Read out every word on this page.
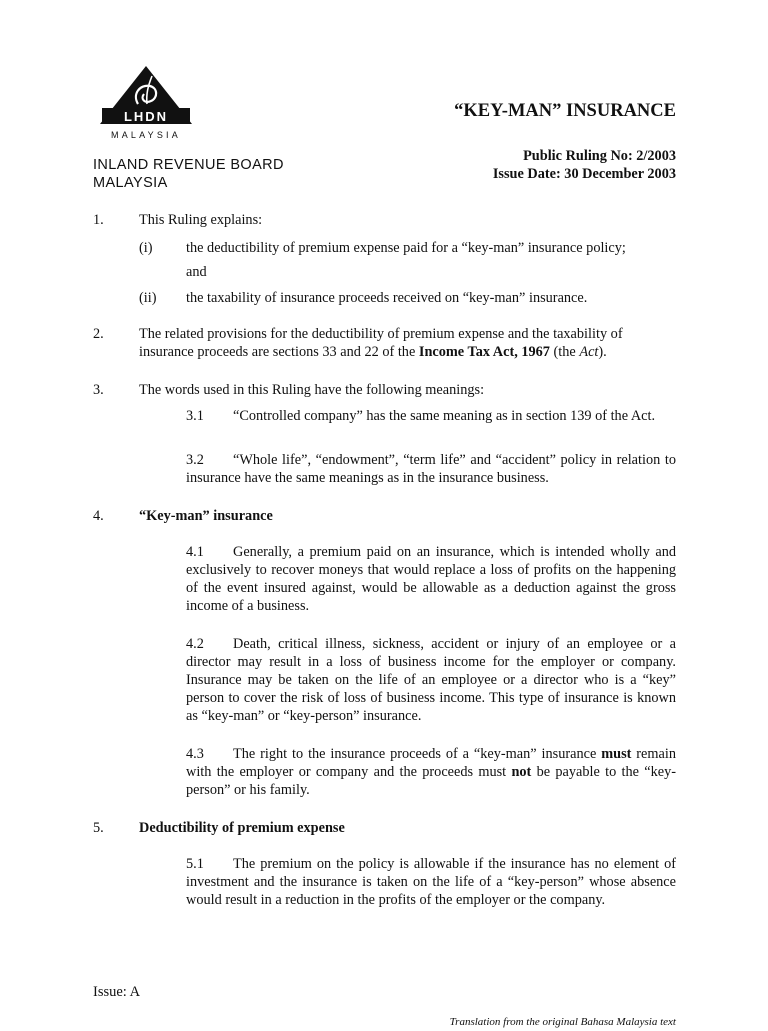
LHDN
MALAYSIA
INLAND REVENUE BOARD
MALAYSIA
“KEY-MAN” INSURANCE
Public Ruling No: 2/2003
Issue Date: 30 December 2003
1. This Ruling explains:
(i) the deductibility of premium expense paid for a “key-man” insurance policy;
and
(ii) the taxability of insurance proceeds received on “key-man” insurance.
2. The related provisions for the deductibility of premium expense and the taxability of
insurance proceeds are sections 33 and 22 of the Income Tax Act, 1967 (the Act).
3. The words used in this Ruling have the following meanings:
3.1 “Controlled company” has the same meaning as in section 139 of the Act.
3.2 “Whole life”, “endowment”, “term life” and “accident” policy in relation to insurance have the same meanings as in the insurance business.
4. “Key-man” insurance
4.1 Generally, a premium paid on an insurance, which is intended wholly and exclusively to recover moneys that would replace a loss of profits on the happening of the event insured against, would be allowable as a deduction against the gross income of a business.
4.2 Death, critical illness, sickness, accident or injury of an employee or a director may result in a loss of business income for the employer or company. Insurance may be taken on the life of an employee or a director who is a “key” person to cover the risk of loss of business income. This type of insurance is known as “key-man” or “key-person” insurance.
4.3 The right to the insurance proceeds of a “key-man” insurance must remain with the employer or company and the proceeds must not be payable to the “key-person” or his family.
5. Deductibility of premium expense
5.1 The premium on the policy is allowable if the insurance has no element of investment and the insurance is taken on the life of a “key-person” whose absence would result in a reduction in the profits of the employer or the company.
Issue: A
Translation from the original Bahasa Malaysia text
